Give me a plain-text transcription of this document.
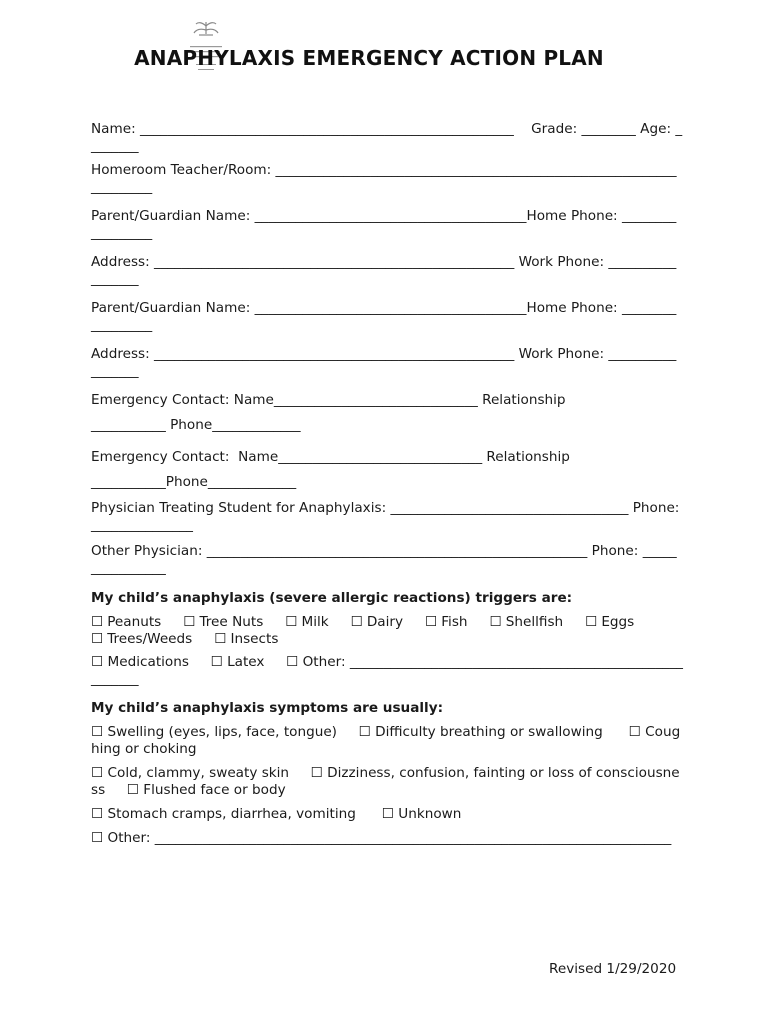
ANAPHYLAXIS EMERGENCY ACTION PLAN

Name: _______________________________________________________    Grade: ________ Age: ________

Homeroom Teacher/Room: ____________________________________________________________________

Parent/Guardian Name: ________________________________________Home Phone: _________________

Address: _____________________________________________________ Work Phone: _________________

Parent/Guardian Name: ________________________________________Home Phone: _________________

Address: _____________________________________________________ Work Phone: _________________

Emergency Contact: Name______________________________ Relationship

___________ Phone_____________

Emergency Contact:  Name______________________________ Relationship

___________Phone_____________

Physician Treating Student for Anaphylaxis: ___________________________________ Phone: _______________

Other Physician: ________________________________________________________ Phone: ________________

My child’s anaphylaxis (severe allergic reactions) triggers are:

☐ Peanuts ☐ Tree Nuts ☐ Milk ☐ Dairy ☐ Fish ☐ Shellfish ☐ Eggs
☐ Trees/Weeds ☐ Insects

☐ Medications ☐ Latex ☐ Other: ________________________________________________________

My child’s anaphylaxis symptoms are usually:

☐ Swelling (eyes, lips, face, tongue)     ☐ Difficulty breathing or swallowing      ☐ Coughing or choking

☐ Cold, clammy, sweaty skin     ☐ Dizziness, confusion, fainting or loss of consciousness     ☐ Flushed face or body

☐ Stomach cramps, diarrhea, vomiting      ☐ Unknown

☐ Other: ____________________________________________________________________________

Revised 1/29/2020
